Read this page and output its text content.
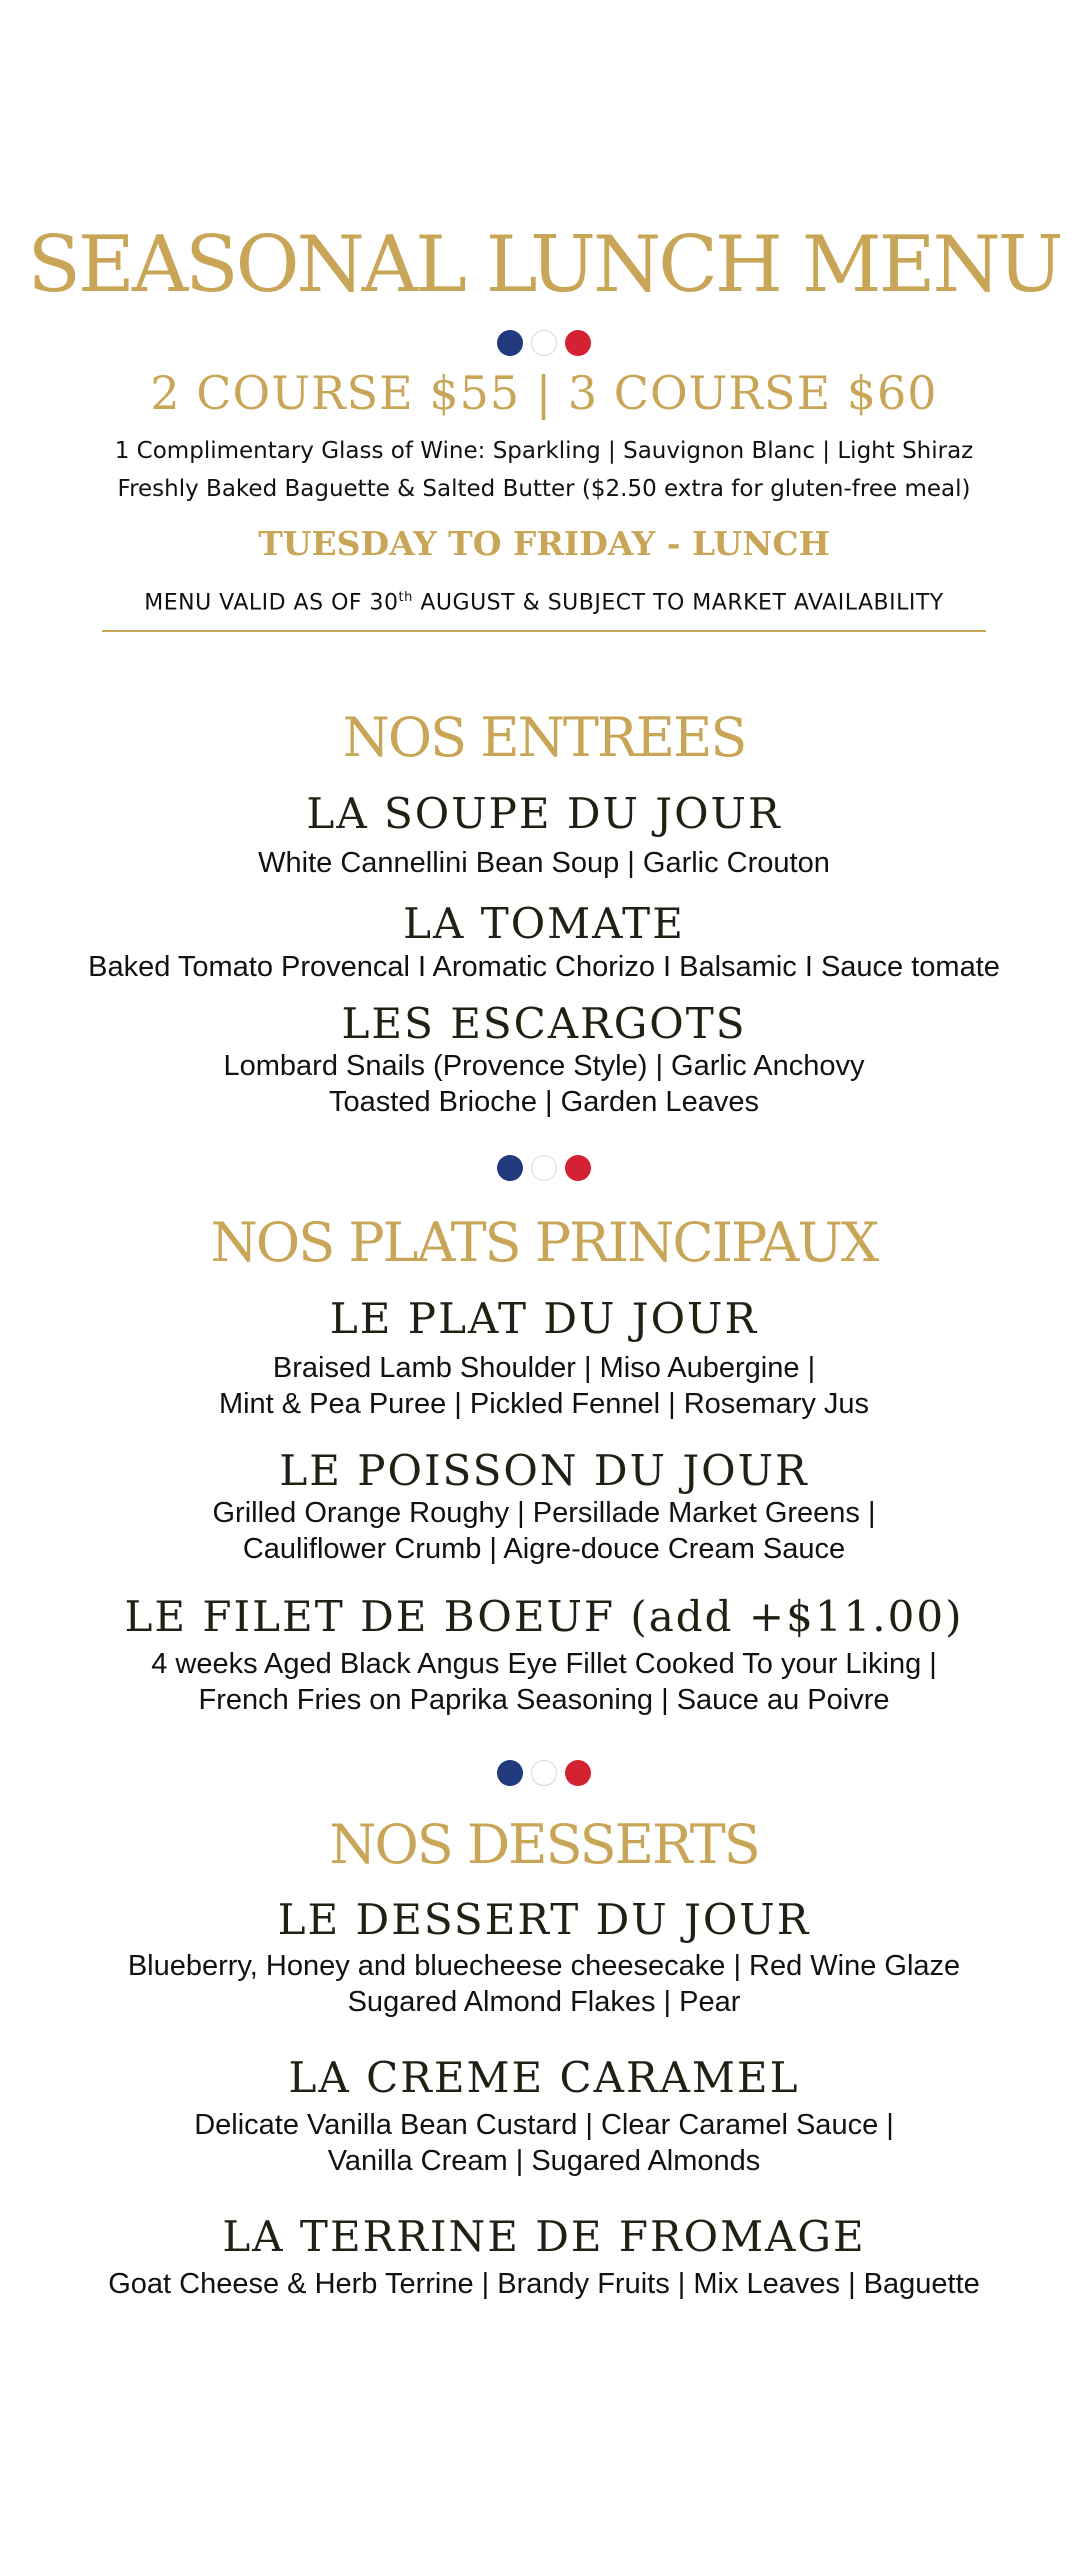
SEASONAL LUNCH MENU
2 COURSE $55 | 3 COURSE $60
1 Complimentary Glass of Wine: Sparkling | Sauvignon Blanc | Light Shiraz
Freshly Baked Baguette & Salted Butter ($2.50 extra for gluten-free meal)
TUESDAY TO FRIDAY - LUNCH
MENU VALID AS OF 30th AUGUST & SUBJECT TO MARKET AVAILABILITY
NOS ENTREES
LA SOUPE DU JOUR
White Cannellini Bean Soup | Garlic Crouton
LA TOMATE
Baked Tomato Provencal I Aromatic Chorizo I Balsamic I Sauce tomate
LES ESCARGOTS
Lombard Snails (Provence Style) | Garlic Anchovy
Toasted Brioche | Garden Leaves
NOS PLATS PRINCIPAUX
LE PLAT DU JOUR
Braised Lamb Shoulder | Miso Aubergine |
Mint & Pea Puree | Pickled Fennel | Rosemary Jus
LE POISSON DU JOUR
Grilled Orange Roughy | Persillade Market Greens |
Cauliflower Crumb | Aigre-douce Cream Sauce
LE FILET DE BOEUF (add +$11.00)
4 weeks Aged Black Angus Eye Fillet Cooked To your Liking |
French Fries on Paprika Seasoning | Sauce au Poivre
NOS DESSERTS
LE DESSERT DU JOUR
Blueberry, Honey and bluecheese cheesecake | Red Wine Glaze
Sugared Almond Flakes | Pear
LA CREME CARAMEL
Delicate Vanilla Bean Custard | Clear Caramel Sauce |
Vanilla Cream | Sugared Almonds
LA TERRINE DE FROMAGE
Goat Cheese & Herb Terrine | Brandy Fruits | Mix Leaves | Baguette
